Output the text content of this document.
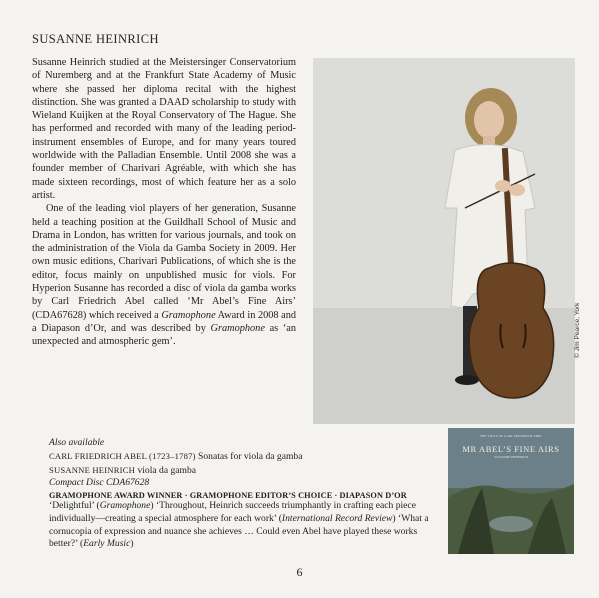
SUSANNE HEINRICH

Susanne Heinrich studied at the Meistersinger Conservatorium of Nuremberg and at the Frankfurt State Academy of Music where she passed her diploma recital with the highest distinction. She was granted a DAAD scholarship to study with Wieland Kuijken at the Royal Conservatory of The Hague. She has performed and recorded with many of the leading period-instrument ensembles of Europe, and for many years toured worldwide with the Palladian Ensemble. Until 2008 she was a founder member of Charivari Agréable, with which she has made sixteen recordings, most of which feature her as a solo artist.

One of the leading viol players of her generation, Susanne held a teaching position at the Guildhall School of Music and Drama in London, has written for various journals, and took on the administration of the Viola da Gamba Society in 2009. Her own music editions, Charivari Publications, of which she is the editor, focus mainly on unpublished music for viols. For Hyperion Susanne has recorded a disc of viola da gamba works by Carl Friedrich Abel called ‘Mr Abel’s Fine Airs’ (CDA67628) which received a Gramophone Award in 2008 and a Diapason d’Or, and was described by Gramophone as ‘an unexpected and atmospheric gem’.	© Jim Pearce, York
Also available
CARL FRIEDRICH ABEL (1723–1787) Sonatas for viola da gamba
SUSANNE HEINRICH viola da gamba
Compact Disc CDA67628
GRAMOPHONE AWARD WINNER · GRAMOPHONE EDITOR’S CHOICE · DIAPASON D’OR
‘Delightful’ (Gramophone) ‘Throughout, Heinrich succeeds triumphantly in crafting each piece individually—creating a special atmosphere for each work’ (International Record Review) ‘What a cornucopia of expression and nuance she achieves … Could even Abel have played these works better?’ (Early Music)
THE VIOLS OF CARL FRIEDRICH ABEL
MR ABEL’S FINE AIRS
SUSANNE HEINRICH
6
